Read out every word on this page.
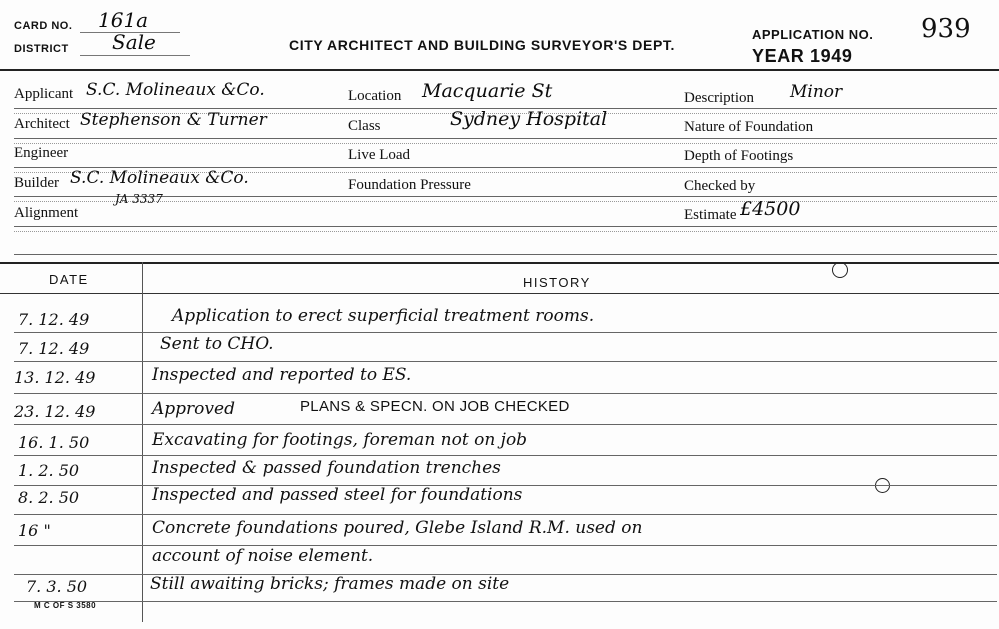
CARD NO. 161a
DISTRICT Sale	CITY ARCHITECT AND BUILDING SURVEYOR'S DEPT.
APPLICATION NO. 939
YEAR 1949
Applicant S.C. Molineaux &Co.
Architect Stephenson & Turner
Engineer
Builder S.C. Molineaux &Co.
JA 3337
Alignment
Location Macquarie St
Class	Sydney Hospital
Live Load
Foundation Pressure
Description Minor
Nature of Foundation
Depth of Footings
Checked by
Estimate £4500
DATE	HISTORY
7. 12. 49	Application to erect superficial treatment rooms.
7. 12. 49	Sent to CHO.
13. 12. 49	Inspected and reported to ES.
23. 12. 49	Approved	PLANS & SPECN. ON JOB CHECKED
16. 1. 50	Excavating for footings, foreman not on job
1. 2. 50	Inspected & passed foundation trenches
8. 2. 50	Inspected and passed steel for foundations
16 "	Concrete foundations poured, Glebe Island R.M. used on
account of noise element.
7. 3. 50	Still awaiting bricks; frames made on site
M C OF S 3580
